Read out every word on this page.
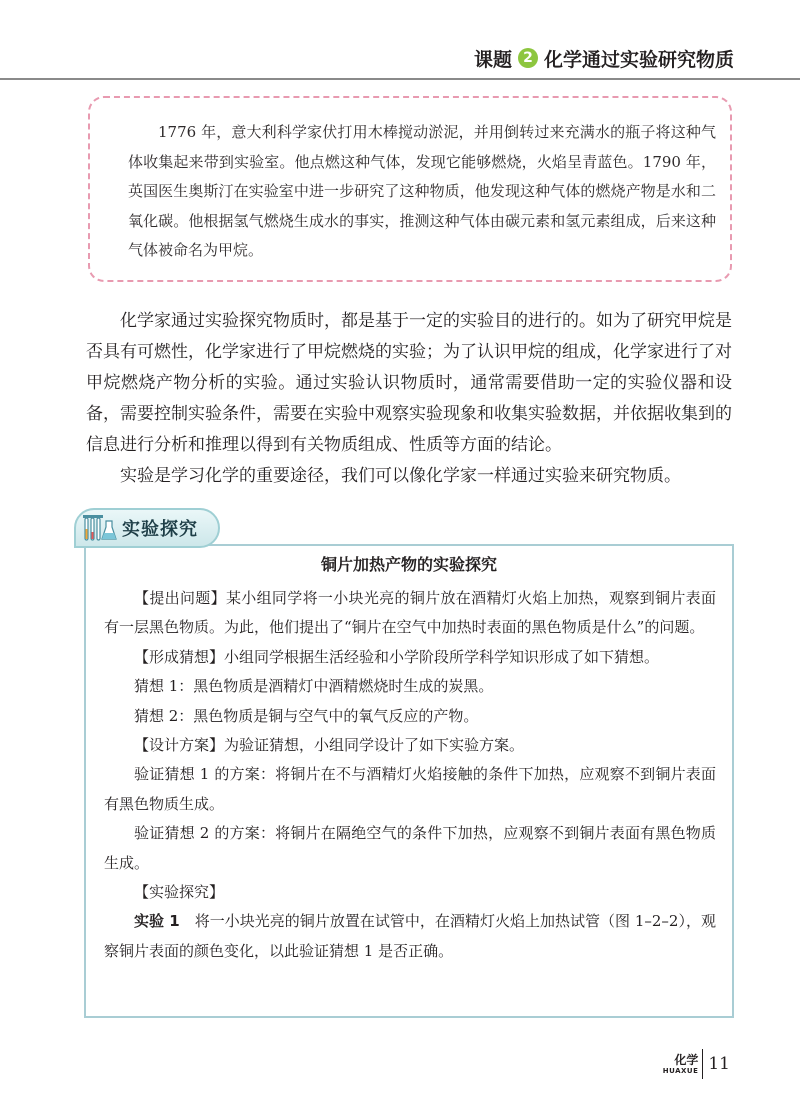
课题 2 化学通过实验研究物质

1776 年，意大利科学家伏打用木棒搅动淤泥，并用倒转过来充满水的瓶子将这种气体收集起来带到实验室。他点燃这种气体，发现它能够燃烧，火焰呈青蓝色。1790 年，英国医生奥斯汀在实验室中进一步研究了这种物质，他发现这种气体的燃烧产物是水和二氧化碳。他根据氢气燃烧生成水的事实，推测这种气体由碳元素和氢元素组成，后来这种气体被命名为甲烷。

化学家通过实验探究物质时，都是基于一定的实验目的进行的。如为了研究甲烷是否具有可燃性，化学家进行了甲烷燃烧的实验；为了认识甲烷的组成，化学家进行了对甲烷燃烧产物分析的实验。通过实验认识物质时，通常需要借助一定的实验仪器和设备，需要控制实验条件，需要在实验中观察实验现象和收集实验数据，并依据收集到的信息进行分析和推理以得到有关物质组成、性质等方面的结论。

实验是学习化学的重要途径，我们可以像化学家一样通过实验来研究物质。

实验探究
铜片加热产物的实验探究

【提出问题】某小组同学将一小块光亮的铜片放在酒精灯火焰上加热，观察到铜片表面有一层黑色物质。为此，他们提出了“铜片在空气中加热时表面的黑色物质是什么”的问题。

【形成猜想】小组同学根据生活经验和小学阶段所学科学知识形成了如下猜想。

猜想 1：黑色物质是酒精灯中酒精燃烧时生成的炭黑。

猜想 2：黑色物质是铜与空气中的氧气反应的产物。

【设计方案】为验证猜想，小组同学设计了如下实验方案。

验证猜想 1 的方案：将铜片在不与酒精灯火焰接触的条件下加热，应观察不到铜片表面有黑色物质生成。

验证猜想 2 的方案：将铜片在隔绝空气的条件下加热，应观察不到铜片表面有黑色物质生成。

【实验探究】

实验 1　将一小块光亮的铜片放置在试管中，在酒精灯火焰上加热试管（图 1–2–2），观察铜片表面的颜色变化，以此验证猜想 1 是否正确。

化学
HUAXUE 11
